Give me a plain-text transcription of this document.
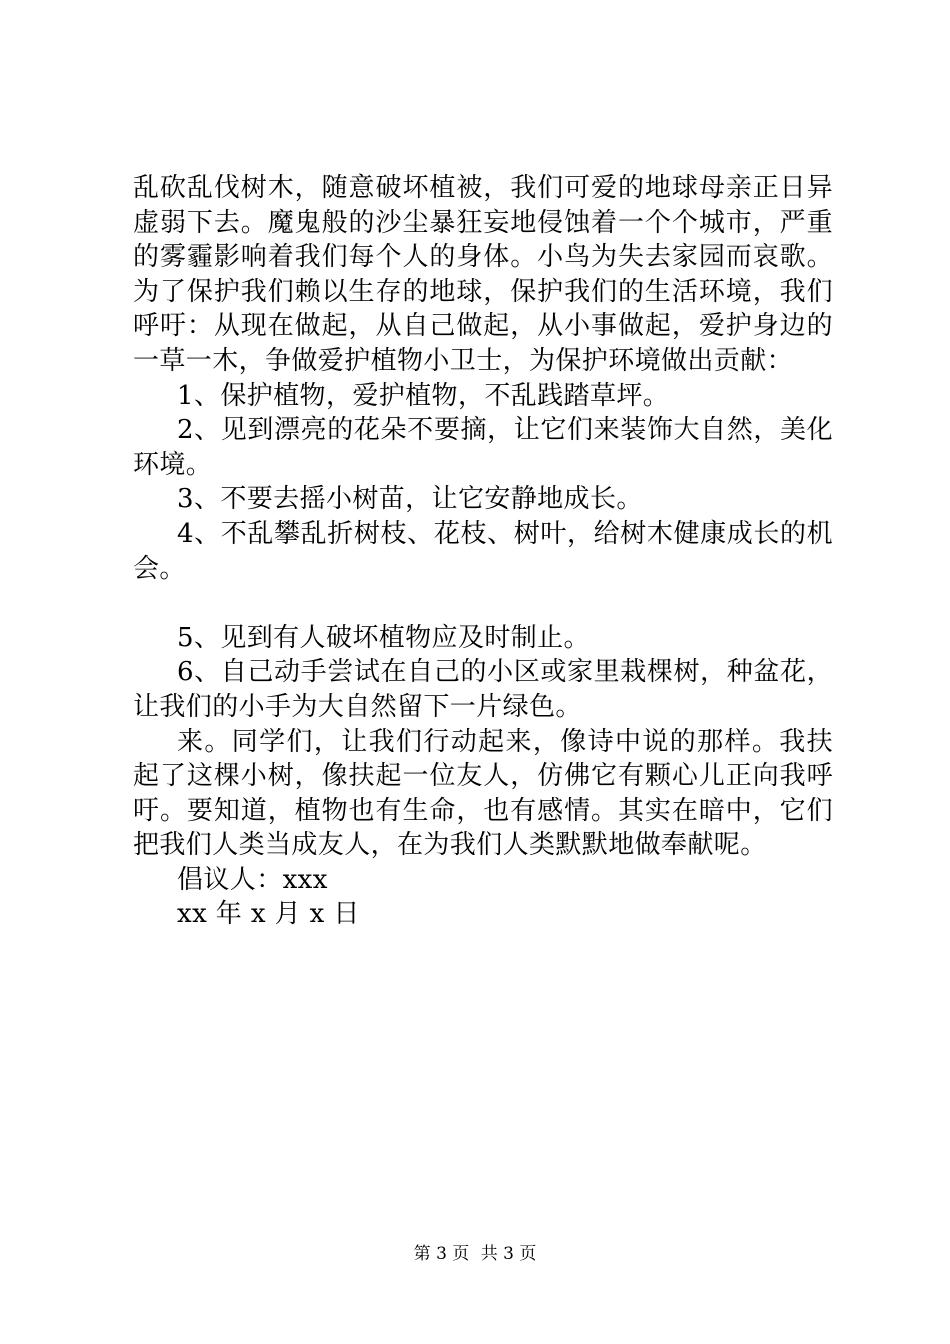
乱砍乱伐树木，随意破坏植被，我们可爱的地球母亲正日异虚弱下去。魔鬼般的沙尘暴狂妄地侵蚀着一个个城市，严重的雾霾影响着我们每个人的身体。小鸟为失去家园而哀歌。为了保护我们赖以生存的地球，保护我们的生活环境，我们呼吁：从现在做起，从自己做起，从小事做起，爱护身边的一草一木，争做爱护植物小卫士，为保护环境做出贡献：

1、保护植物，爱护植物，不乱践踏草坪。

2、见到漂亮的花朵不要摘，让它们来装饰大自然，美化环境。

3、不要去摇小树苗，让它安静地成长。

4、不乱攀乱折树枝、花枝、树叶，给树木健康成长的机会。

5、见到有人破坏植物应及时制止。

6、自己动手尝试在自己的小区或家里栽棵树，种盆花，让我们的小手为大自然留下一片绿色。

来。同学们，让我们行动起来，像诗中说的那样。我扶起了这棵小树，像扶起一位友人，仿佛它有颗心儿正向我呼吁。要知道，植物也有生命，也有感情。其实在暗中，它们把我们人类当成友人，在为我们人类默默地做奉献呢。

倡议人：xxx

xx 年 x 月 x 日

第 3 页 共 3 页
